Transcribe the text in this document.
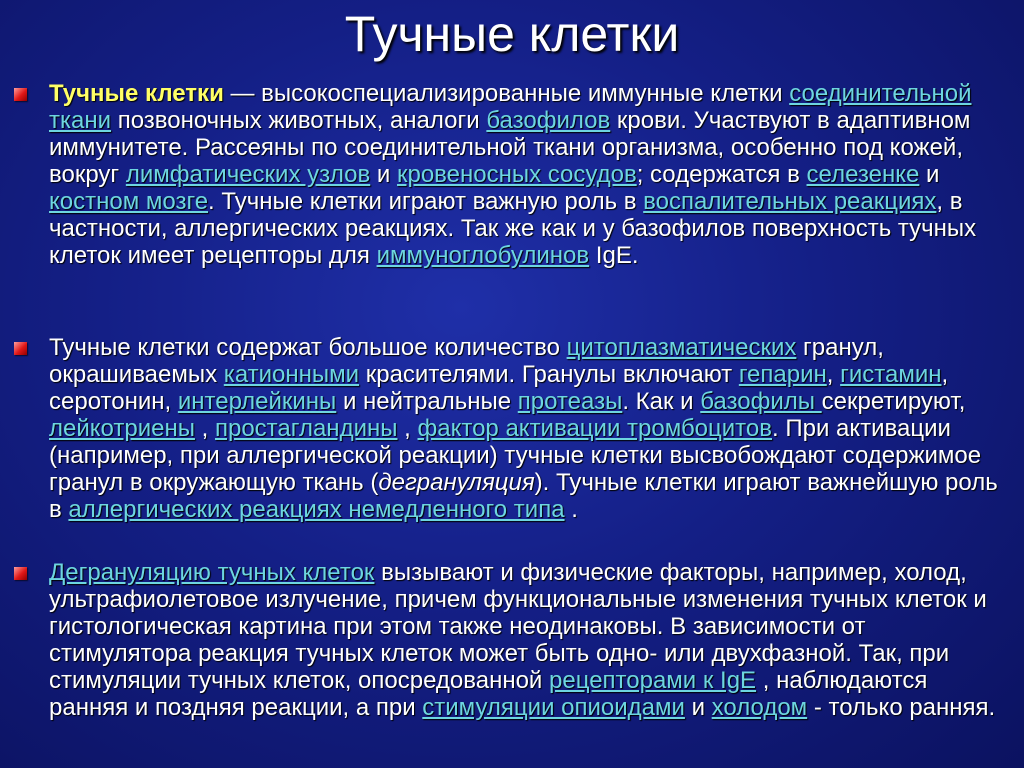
Тучные клетки
Тучные клетки — высокоспециализированные иммунные клетки соединительной ткани позвоночных животных, аналоги базофилов крови. Участвуют в адаптивном иммунитете. Рассеяны по соединительной ткани организма, особенно под кожей, вокруг лимфатических узлов и кровеносных сосудов; содержатся в селезенке и костном мозге. Тучные клетки играют важную роль в воспалительных реакциях, в частности, аллергических реакциях. Так же как и у базофилов поверхность тучных клеток имеет рецепторы для иммуноглобулинов IgE.
Тучные клетки содержат большое количество цитоплазматических гранул, окрашиваемых катионными красителями. Гранулы включают гепарин, гистамин, серотонин, интерлейкины и нейтральные протеазы. Как и базофилы секретируют, лейкотриены , простагландины , фактор активации тромбоцитов. При активации (например, при аллергической реакции) тучные клетки высвобождают содержимое гранул в окружающую ткань (дегрануляция). Тучные клетки играют важнейшую роль в аллергических реакциях немедленного типа .
Дегрануляцию тучных клеток вызывают и физические факторы, например, холод, ультрафиолетовое излучение, причем функциональные изменения тучных клеток и гистологическая картина при этом также неодинаковы. В зависимости от стимулятора реакция тучных клеток может быть одно- или двухфазной. Так, при стимуляции тучных клеток, опосредованной рецепторами к IgE , наблюдаются ранняя и поздняя реакции, а при стимуляции опиоидами и холодом - только ранняя.
